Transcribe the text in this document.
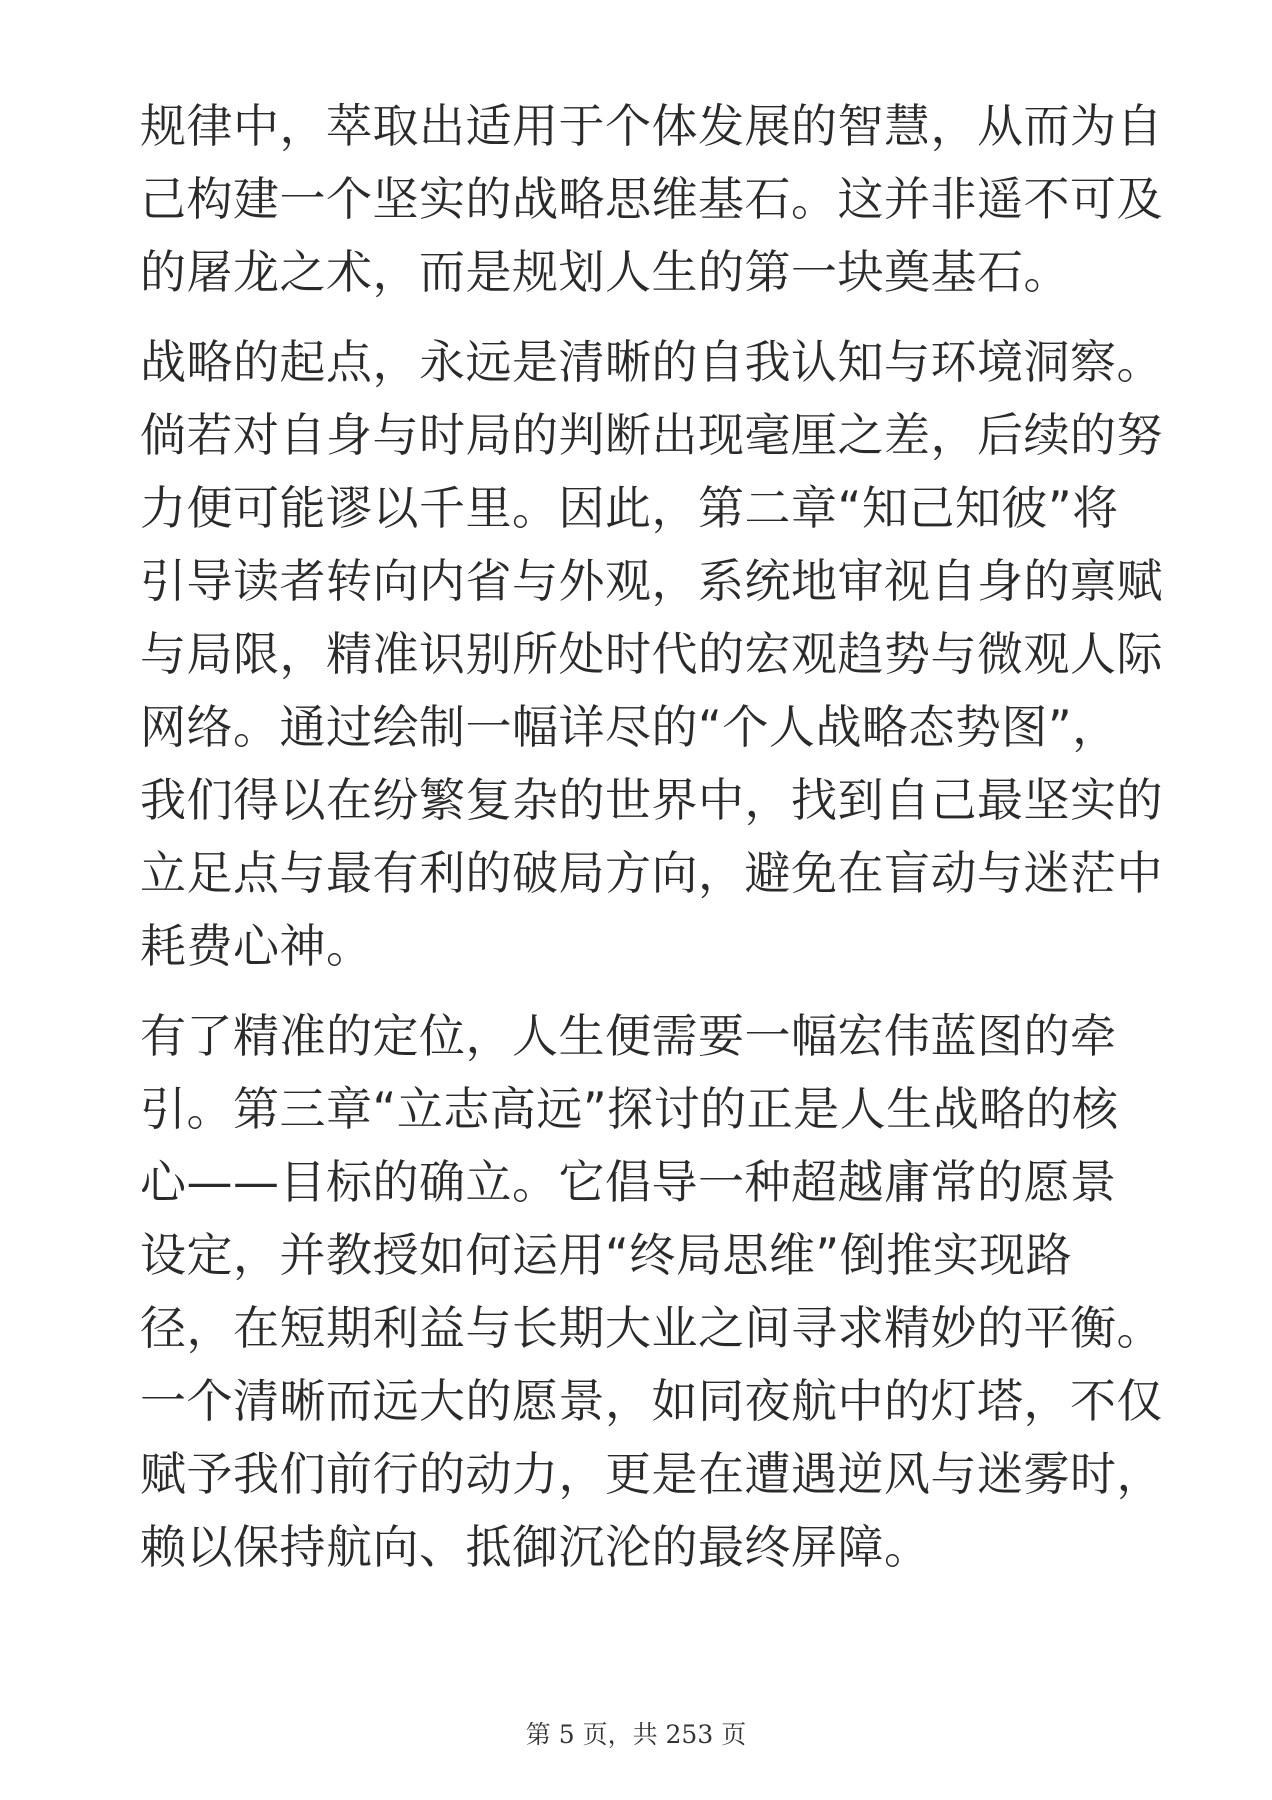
规律中，萃取出适用于个体发展的智慧，从而为自
己构建一个坚实的战略思维基石。这并非遥不可及
的屠龙之术，而是规划人生的第一块奠基石。
战略的起点，永远是清晰的自我认知与环境洞察。
倘若对自身与时局的判断出现毫厘之差，后续的努
力便可能谬以千里。因此，第二章“知己知彼”将
引导读者转向内省与外观，系统地审视自身的禀赋
与局限，精准识别所处时代的宏观趋势与微观人际
网络。通过绘制一幅详尽的“个人战略态势图”，
我们得以在纷繁复杂的世界中，找到自己最坚实的
立足点与最有利的破局方向，避免在盲动与迷茫中
耗费心神。
有了精准的定位，人生便需要一幅宏伟蓝图的牵
引。第三章“立志高远”探讨的正是人生战略的核
心——目标的确立。它倡导一种超越庸常的愿景
设定，并教授如何运用“终局思维”倒推实现路
径，在短期利益与长期大业之间寻求精妙的平衡。
一个清晰而远大的愿景，如同夜航中的灯塔，不仅
赋予我们前行的动力，更是在遭遇逆风与迷雾时，
赖以保持航向、抵御沉沦的最终屏障。
第 5 页，共 253 页
